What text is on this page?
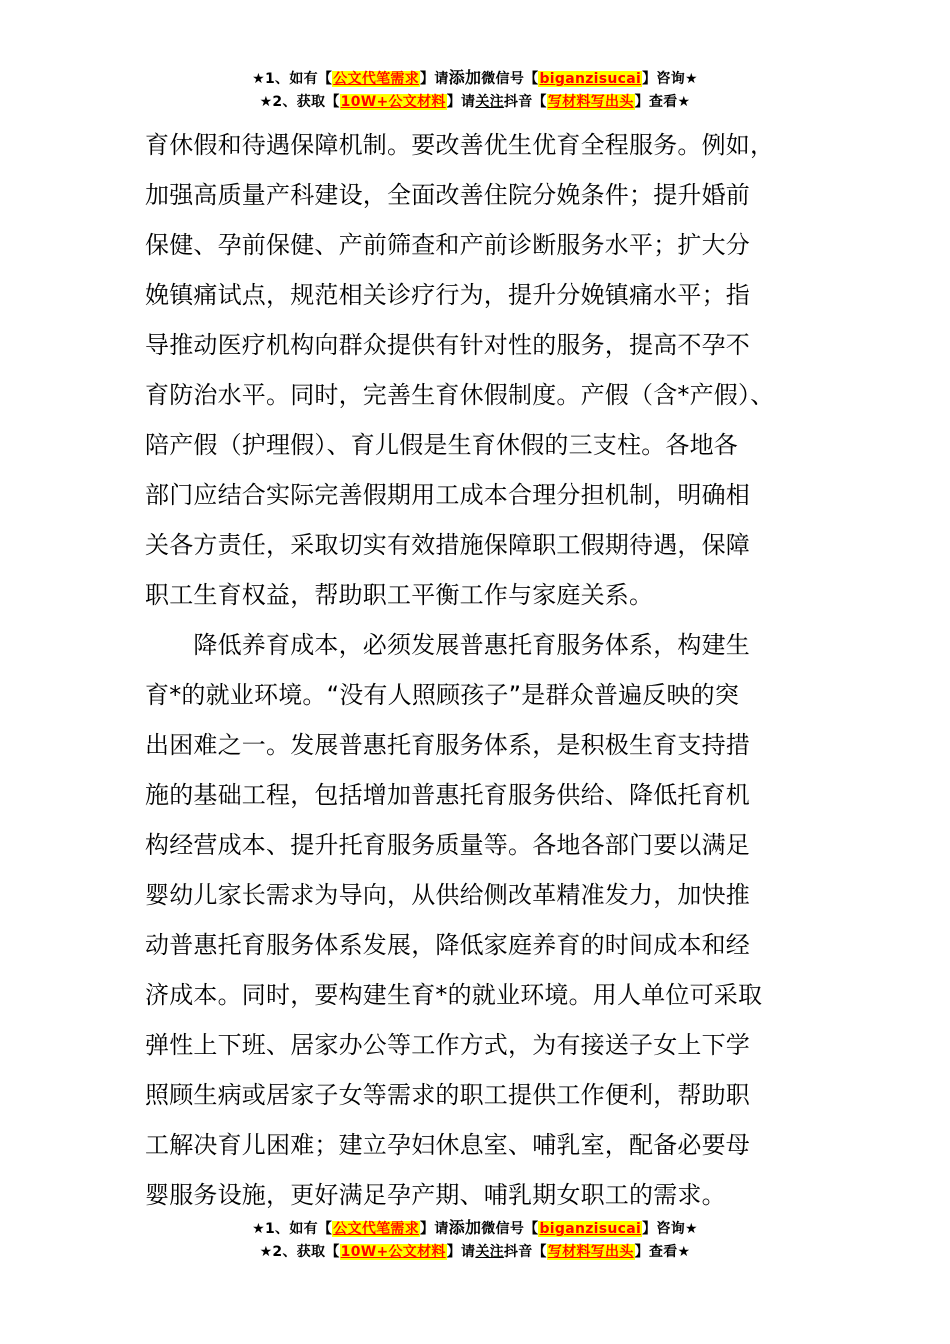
★1、如有【公文代笔需求】请添加微信号【biganzisucai】咨询★
★2、获取【10W+公文材料】请关注抖音【写材料写出头】查看★
育休假和待遇保障机制。要改善优生优育全程服务。例如，
加强高质量产科建设，全面改善住院分娩条件；提升婚前
保健、孕前保健、产前筛查和产前诊断服务水平；扩大分
娩镇痛试点，规范相关诊疗行为，提升分娩镇痛水平；指
导推动医疗机构向群众提供有针对性的服务，提高不孕不
育防治水平。同时，完善生育休假制度。产假（含*产假）、
陪产假（护理假）、育儿假是生育休假的三支柱。各地各
部门应结合实际完善假期用工成本合理分担机制，明确相
关各方责任，采取切实有效措施保障职工假期待遇，保障
职工生育权益，帮助职工平衡工作与家庭关系。
　　降低养育成本，必须发展普惠托育服务体系，构建生
育*的就业环境。“没有人照顾孩子”是群众普遍反映的突
出困难之一。发展普惠托育服务体系，是积极生育支持措
施的基础工程，包括增加普惠托育服务供给、降低托育机
构经营成本、提升托育服务质量等。各地各部门要以满足
婴幼儿家长需求为导向，从供给侧改革精准发力，加快推
动普惠托育服务体系发展，降低家庭养育的时间成本和经
济成本。同时，要构建生育*的就业环境。用人单位可采取
弹性上下班、居家办公等工作方式，为有接送子女上下学
照顾生病或居家子女等需求的职工提供工作便利，帮助职
工解决育儿困难；建立孕妇休息室、哺乳室，配备必要母
婴服务设施，更好满足孕产期、哺乳期女职工的需求。
★1、如有【公文代笔需求】请添加微信号【biganzisucai】咨询★
★2、获取【10W+公文材料】请关注抖音【写材料写出头】查看★
